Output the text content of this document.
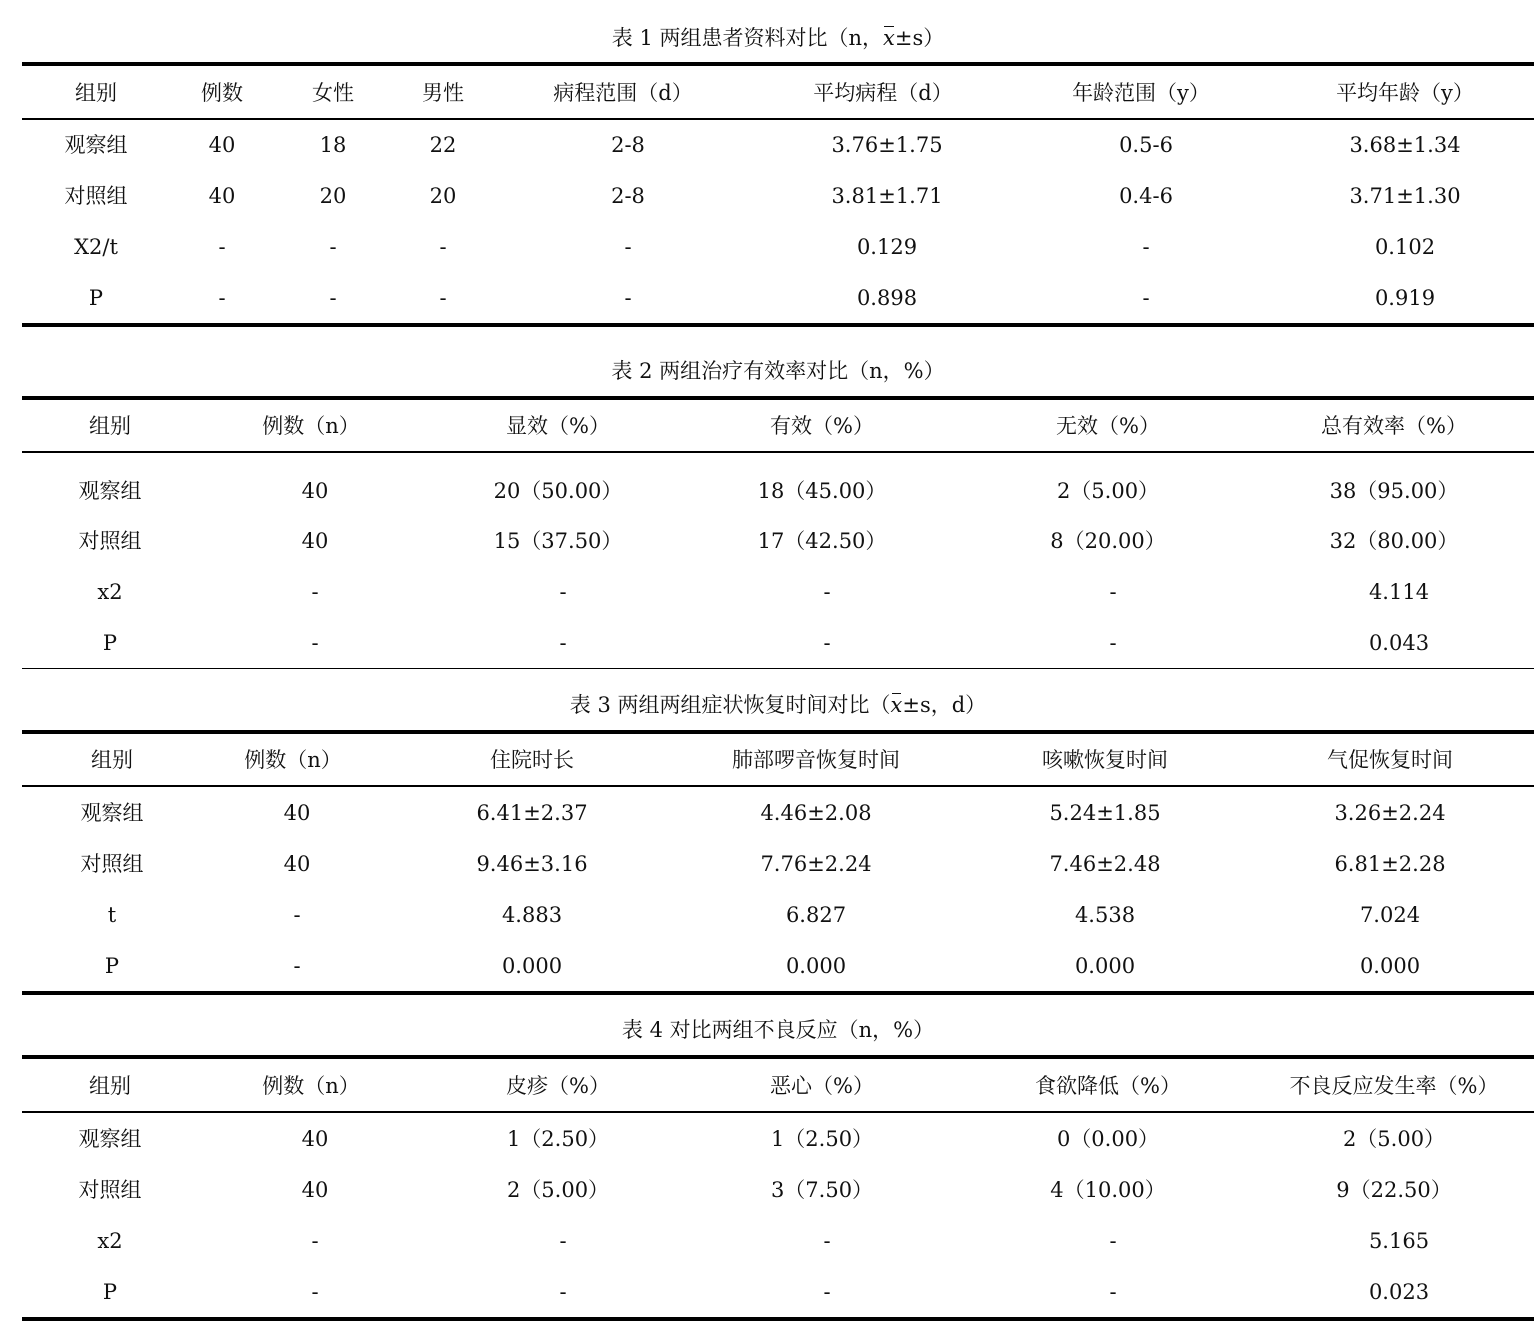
表 1 两组患者资料对比（n，x±s）
组别	例数	女性	男性	病程范围（d）	平均病程（d）	年龄范围（y）	平均年龄（y）
观察组	40	18	22	2-8	3.76±1.75	0.5-6	3.68±1.34
对照组	40	20	20	2-8	3.81±1.71	0.4-6	3.71±1.30
X2/t	-	-	-	-	0.129	-	0.102
P	-	-	-	-	0.898	-	0.919
表 2 两组治疗有效率对比（n，%）
组别	例数（n）	显效（%）	有效（%）	无效（%）	总有效率（%）
观察组	40	20（50.00）	18（45.00）	2（5.00）	38（95.00）
对照组	40	15（37.50）	17（42.50）	8（20.00）	32（80.00）
x2	-	-	-	-	4.114
P	-	-	-	-	0.043
表 3 两组两组症状恢复时间对比（x±s，d）
组别	例数（n）	住院时长	肺部啰音恢复时间	咳嗽恢复时间	气促恢复时间
观察组	40	6.41±2.37	4.46±2.08	5.24±1.85	3.26±2.24
对照组	40	9.46±3.16	7.76±2.24	7.46±2.48	6.81±2.28
t	-	4.883	6.827	4.538	7.024
P	-	0.000	0.000	0.000	0.000
表 4 对比两组不良反应（n，%）
组别	例数（n）	皮疹（%）	恶心（%）	食欲降低（%）	不良反应发生率（%）
观察组	40	1（2.50）	1（2.50）	0（0.00）	2（5.00）
对照组	40	2（5.00）	3（7.50）	4（10.00）	9（22.50）
x2	-	-	-	-	5.165
P	-	-	-	-	0.023
